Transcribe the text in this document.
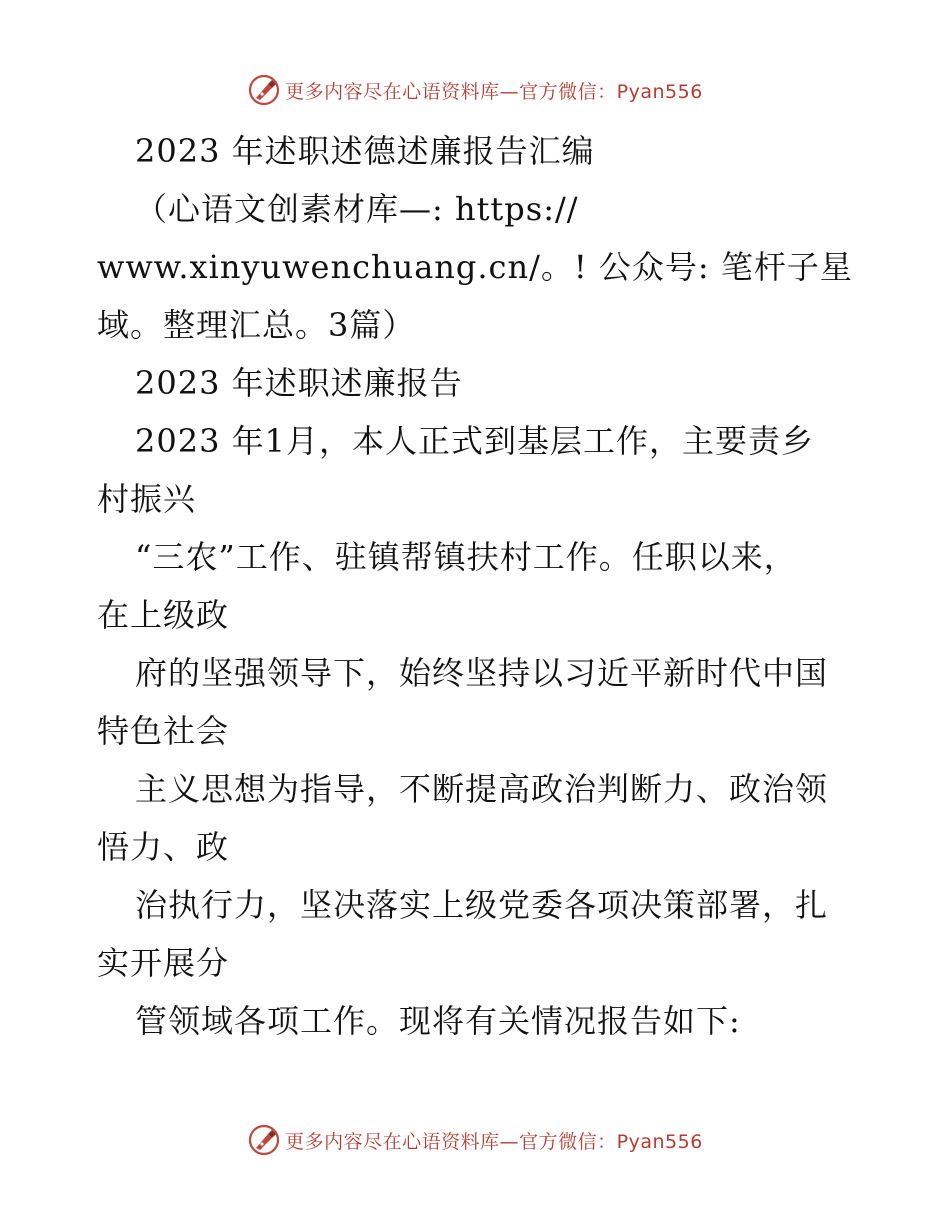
更多内容尽在心语资料库—官方微信：Pyan556
2023 年述职述德述廉报告汇编
（心语文创素材库—: https://
www.xinyuwenchuang.cn/。! 公众号: 笔杆子星
域。整理汇总。3篇）
2023 年述职述廉报告
2023 年1月，本人正式到基层工作，主要责乡
村振兴
“三农”工作、驻镇帮镇扶村工作。任职以来，
在上级政
府的坚强领导下，始终坚持以习近平新时代中国
特色社会
主义思想为指导，不断提高政治判断力、政治领
悟力、政
治执行力，坚决落实上级党委各项决策部署，扎
实开展分
管领域各项工作。现将有关情况报告如下:
更多内容尽在心语资料库—官方微信：Pyan556
